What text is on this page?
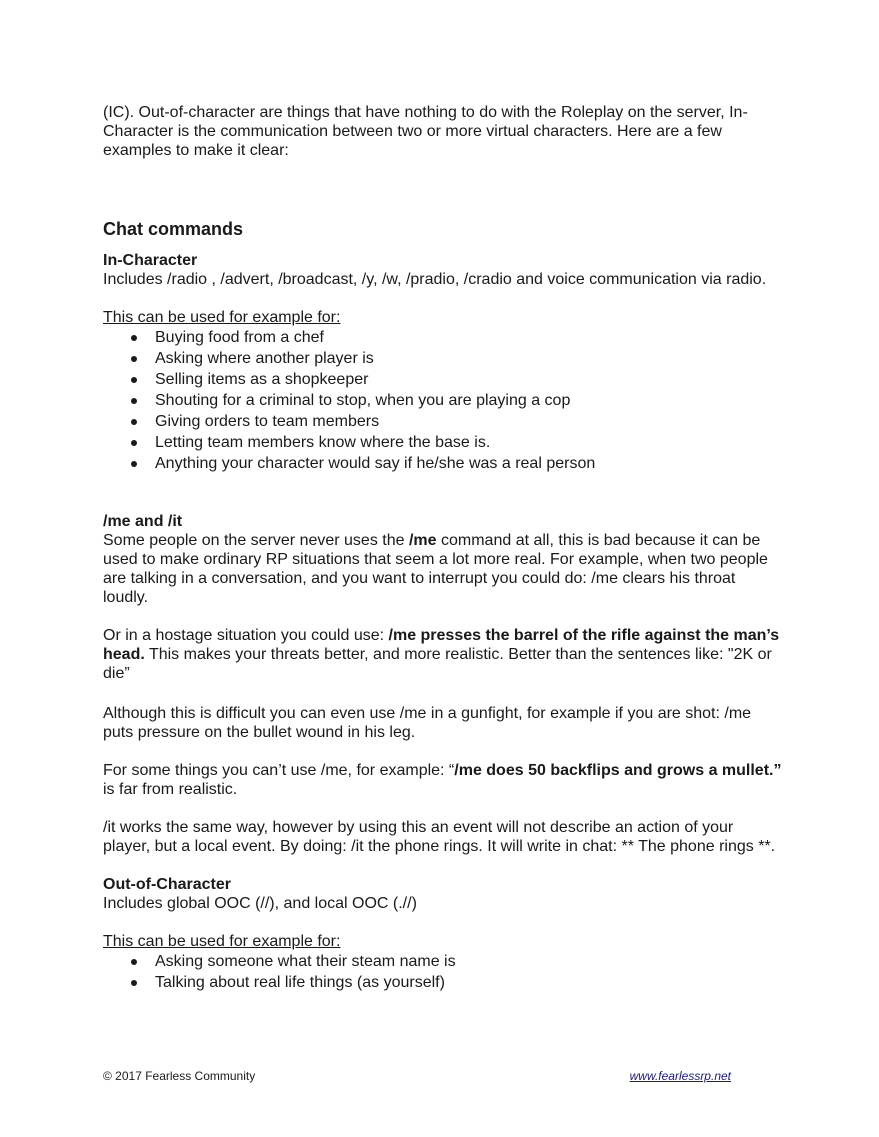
(IC). Out-of-character are things that have nothing to do with the Roleplay on the server, In-Character is the communication between two or more virtual characters. Here are a few examples to make it clear:

Chat commands
In-Character

Includes /radio , /advert, /broadcast, /y, /w, /pradio, /cradio and voice communication via radio.

This can be used for example for:

Buying food from a chef
Asking where another player is
Selling items as a shopkeeper
Shouting for a criminal to stop, when you are playing a cop
Giving orders to team members
Letting team members know where the base is.
Anything your character would say if he/she was a real person
/me and /it

Some people on the server never uses the /me command at all, this is bad because it can be used to make ordinary RP situations that seem a lot more real. For example, when two people are talking in a conversation, and you want to interrupt you could do: /me clears his throat loudly.

Or in a hostage situation you could use: /me presses the barrel of the rifle against the man’s head. This makes your threats better, and more realistic. Better than the sentences like: "2K or die”

Although this is difficult you can even use /me in a gunfight, for example if you are shot: /me puts pressure on the bullet wound in his leg.

For some things you can’t use /me, for example: “/me does 50 backflips and grows a mullet.” is far from realistic.

/it works the same way, however by using this an event will not describe an action of your player, but a local event. By doing: /it the phone rings. It will write in chat: ** The phone rings **.

Out-of-Character

Includes global OOC (//), and local OOC (.//)

This can be used for example for:

Asking someone what their steam name is
Talking about real life things (as yourself)
© 2017 Fearless Community	www.fearlessrp.net
